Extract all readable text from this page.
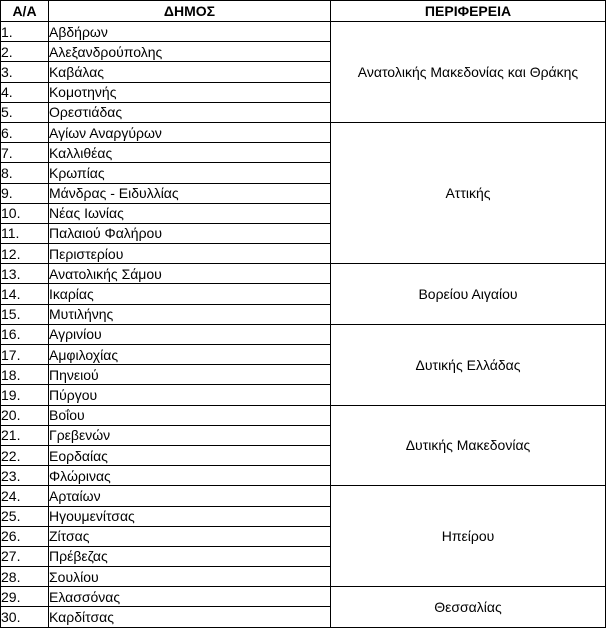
Α/Α	ΔΗΜΟΣ	ΠΕΡΙΦΕΡΕΙΑ
1.	Αβδήρων	Ανατολικής Μακεδονίας και Θράκης
2.	Αλεξανδρούπολης	
3.	Καβάλας	
4.	Κομοτηνής	
5.	Ορεστιάδας	
6.	Αγίων Αναργύρων	Αττικής
7.	Καλλιθέας	
8.	Κρωπίας	
9.	Μάνδρας - Ειδυλλίας	
10.	Νέας Ιωνίας	
11.	Παλαιού Φαλήρου	
12.	Περιστερίου	
13.	Ανατολικής Σάμου	Βορείου Αιγαίου
14.	Ικαρίας	
15.	Μυτιλήνης	
16.	Αγρινίου	Δυτικής Ελλάδας
17.	Αμφιλοχίας	
18.	Πηνειού	
19.	Πύργου	
20.	Βοΐου	Δυτικής Μακεδονίας
21.	Γρεβενών	
22.	Εορδαίας	
23.	Φλώρινας	
24.	Αρταίων	Ηπείρου
25.	Ηγουμενίτσας	
26.	Ζίτσας	
27.	Πρέβεζας	
28.	Σουλίου	
29.	Ελασσόνας	Θεσσαλίας
30.	Καρδίτσας	
